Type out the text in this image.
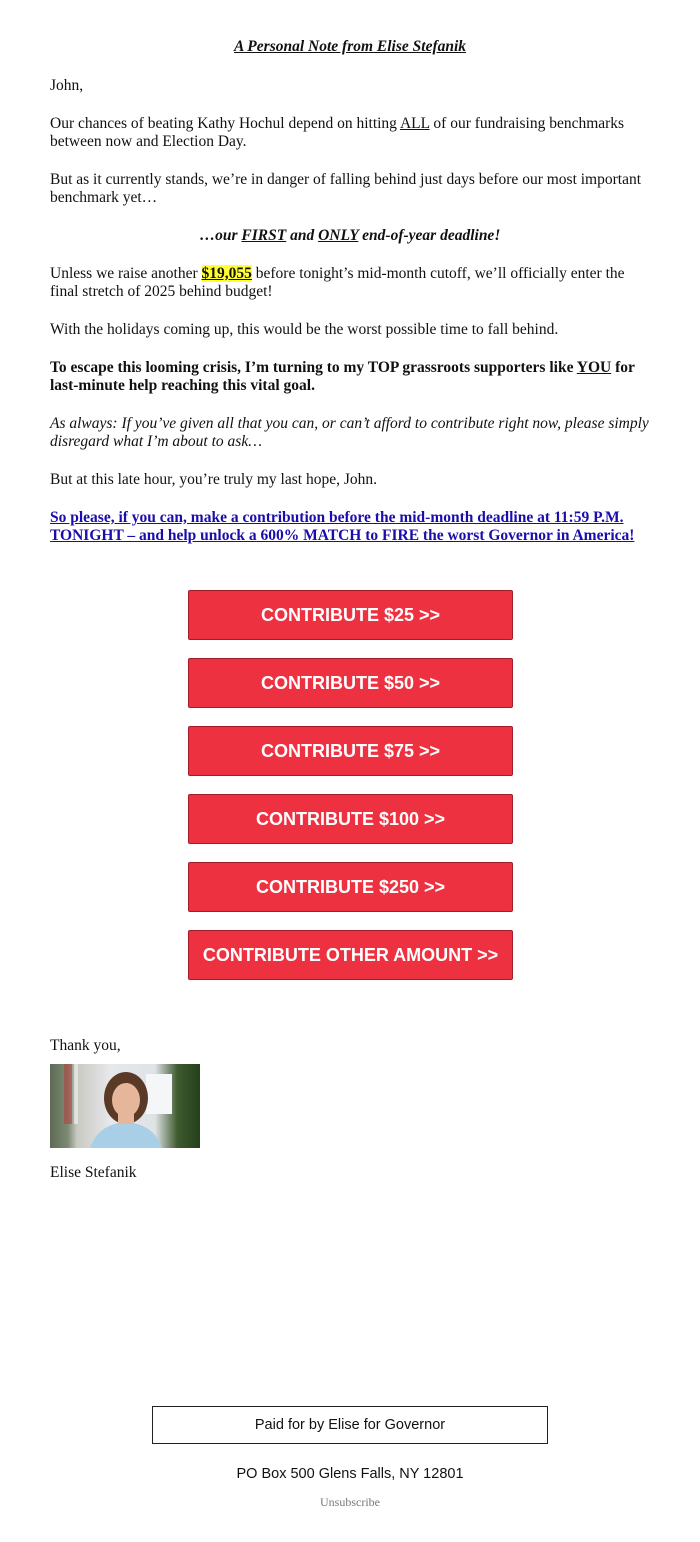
A Personal Note from Elise Stefanik

John,

Our chances of beating Kathy Hochul depend on hitting ALL of our fundraising benchmarks between now and Election Day.

But as it currently stands, we’re in danger of falling behind just days before our most important benchmark yet…

…our FIRST and ONLY end-of-year deadline!

Unless we raise another $19,055 before tonight’s mid-month cutoff, we’ll officially enter the final stretch of 2025 behind budget!

With the holidays coming up, this would be the worst possible time to fall behind.

To escape this looming crisis, I’m turning to my TOP grassroots supporters like YOU for last-minute help reaching this vital goal.

As always: If you’ve given all that you can, or can’t afford to contribute right now, please simply disregard what I’m about to ask…

But at this late hour, you’re truly my last hope, John.

So please, if you can, make a contribution before the mid-month deadline at 11:59 P.M. TONIGHT – and help unlock a 600% MATCH to FIRE the worst Governor in America!
CONTRIBUTE $25 >>
CONTRIBUTE $50 >>
CONTRIBUTE $75 >>
CONTRIBUTE $100 >>
CONTRIBUTE $250 >>
CONTRIBUTE OTHER AMOUNT >>

Thank you,

Elise Stefanik

Paid for by Elise for Governor
PO Box 500 Glens Falls, NY 12801
Unsubscribe
